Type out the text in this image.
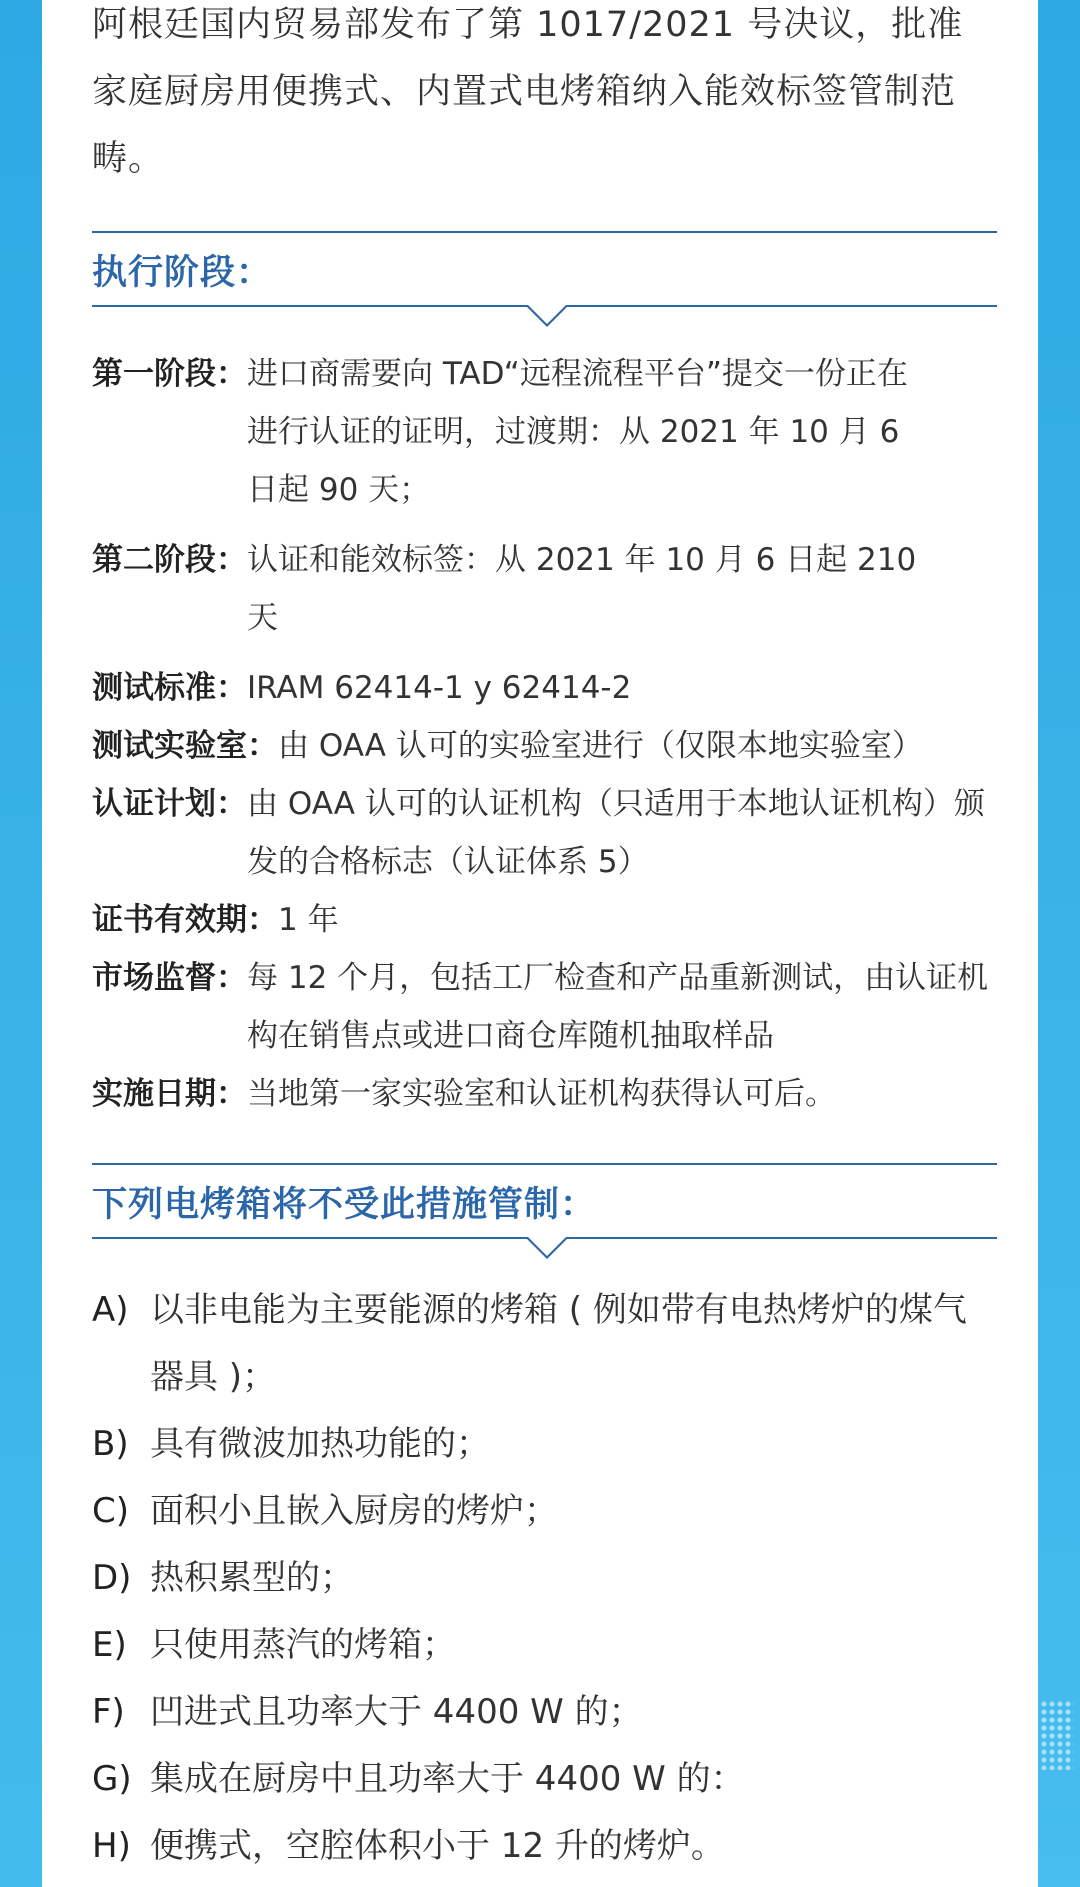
阿根廷国内贸易部发布了第 1017/2021 号决议，批准家庭厨房用便携式、内置式电烤箱纳入能效标签管制范畴。

执行阶段：
第一阶段： 进口商需要向 TAD“远程流程平台”提交一份正在进行认证的证明，过渡期：从 2021 年 10 月 6 日起 90 天；
第二阶段： 认证和能效标签：从 2021 年 10 月 6 日起 210 天
测试标准： IRAM 62414-1 y 62414-2
测试实验室： 由 OAA 认可的实验室进行（仅限本地实验室）
认证计划： 由 OAA 认可的认证机构（只适用于本地认证机构）颁发的合格标志（认证体系 5）
证书有效期： 1 年
市场监督： 每 12 个月，包括工厂检查和产品重新测试，由认证机构在销售点或进口商仓库随机抽取样品
实施日期： 当地第一家实验室和认证机构获得认可后。
下列电烤箱将不受此措施管制：
A) 以非电能为主要能源的烤箱 ( 例如带有电热烤炉的煤气器具 )；
B) 具有微波加热功能的；
C) 面积小且嵌入厨房的烤炉；
D) 热积累型的；
E) 只使用蒸汽的烤箱；
F) 凹进式且功率大于 4400 W 的；
G) 集成在厨房中且功率大于 4400 W 的：
H) 便携式，空腔体积小于 12 升的烤炉。
